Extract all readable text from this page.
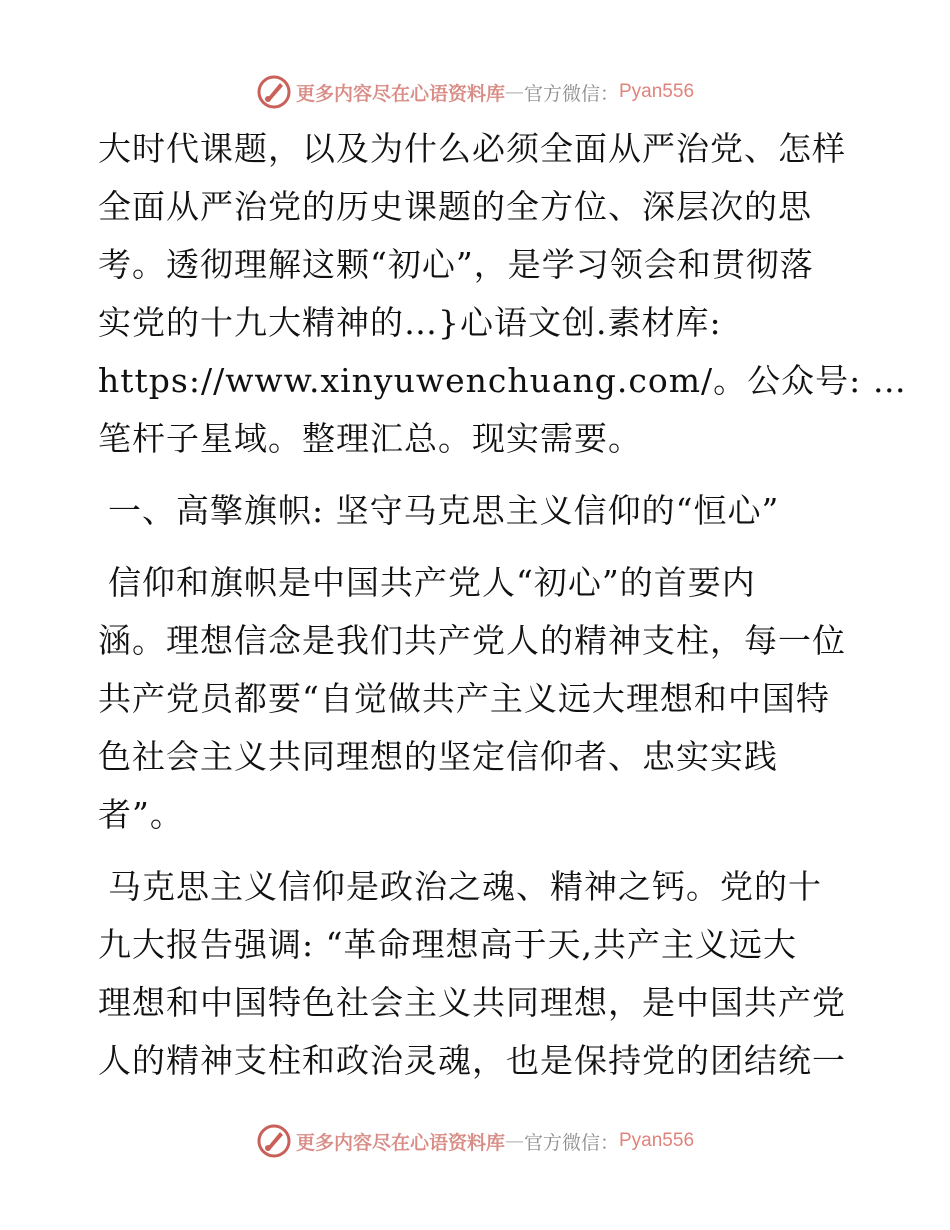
更多内容尽在心语资料库 — 官方微信： Pyan556
大时代课题，以及为什么必须全面从严治党、怎样
全面从严治党的历史课题的全方位、深层次的思
考。透彻理解这颗“初心”，是学习领会和贯彻落
实党的十九大精神的…}心语文创.素材库:
https://www.xinyuwenchuang.com/。公众号: …
笔杆子星域。整理汇总。现实需要。
一、高擎旗帜: 坚守马克思主义信仰的“恒心”
信仰和旗帜是中国共产党人“初心”的首要内
涵。理想信念是我们共产党人的精神支柱，每一位
共产党员都要“自觉做共产主义远大理想和中国特
色社会主义共同理想的坚定信仰者、忠实实践
者”。
马克思主义信仰是政治之魂、精神之钙。党的十
九大报告强调: “革命理想高于天,共产主义远大
理想和中国特色社会主义共同理想，是中国共产党
人的精神支柱和政治灵魂，也是保持党的团结统一
更多内容尽在心语资料库 — 官方微信： Pyan556
